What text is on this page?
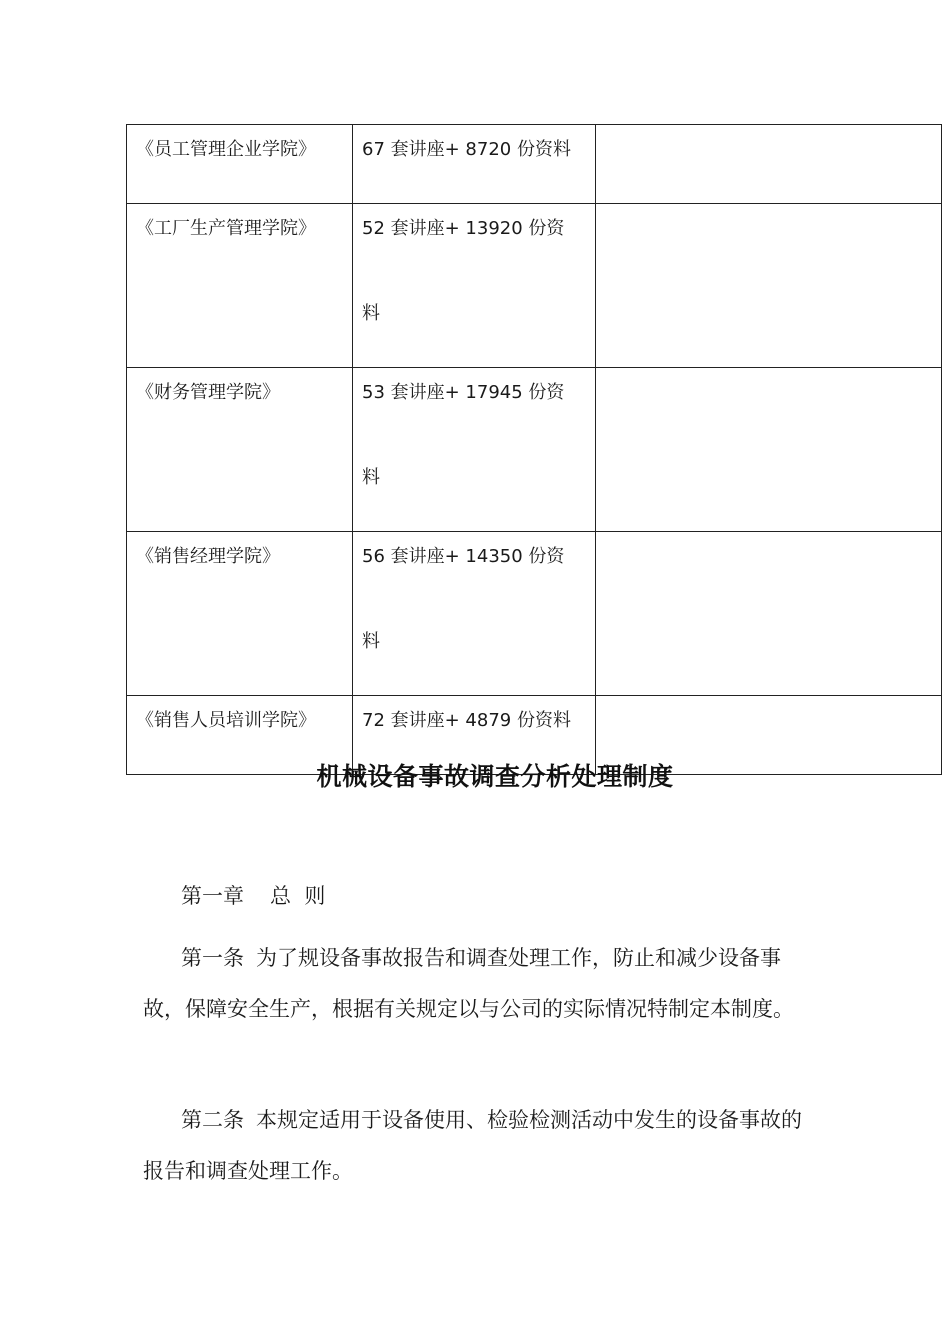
《员工管理企业学院》	67 套讲座+ 8720 份资料	

《工厂生产管理学院》	52 套讲座+ 13920 份资
料	

《财务管理学院》	53 套讲座+ 17945 份资
料	

《销售经理学院》	56 套讲座+ 14350 份资
料	

《销售人员培训学院》	72 套讲座+ 4879 份资料	

机械设备事故调查分析处理制度

第一章 总  则

第一条 为了规设备事故报告和调查处理工作，防止和减少设备事故，保障安全生产，根据有关规定以与公司的实际情况特制定本制度。

第二条 本规定适用于设备使用、检验检测活动中发生的设备事故的报告和调查处理工作。
